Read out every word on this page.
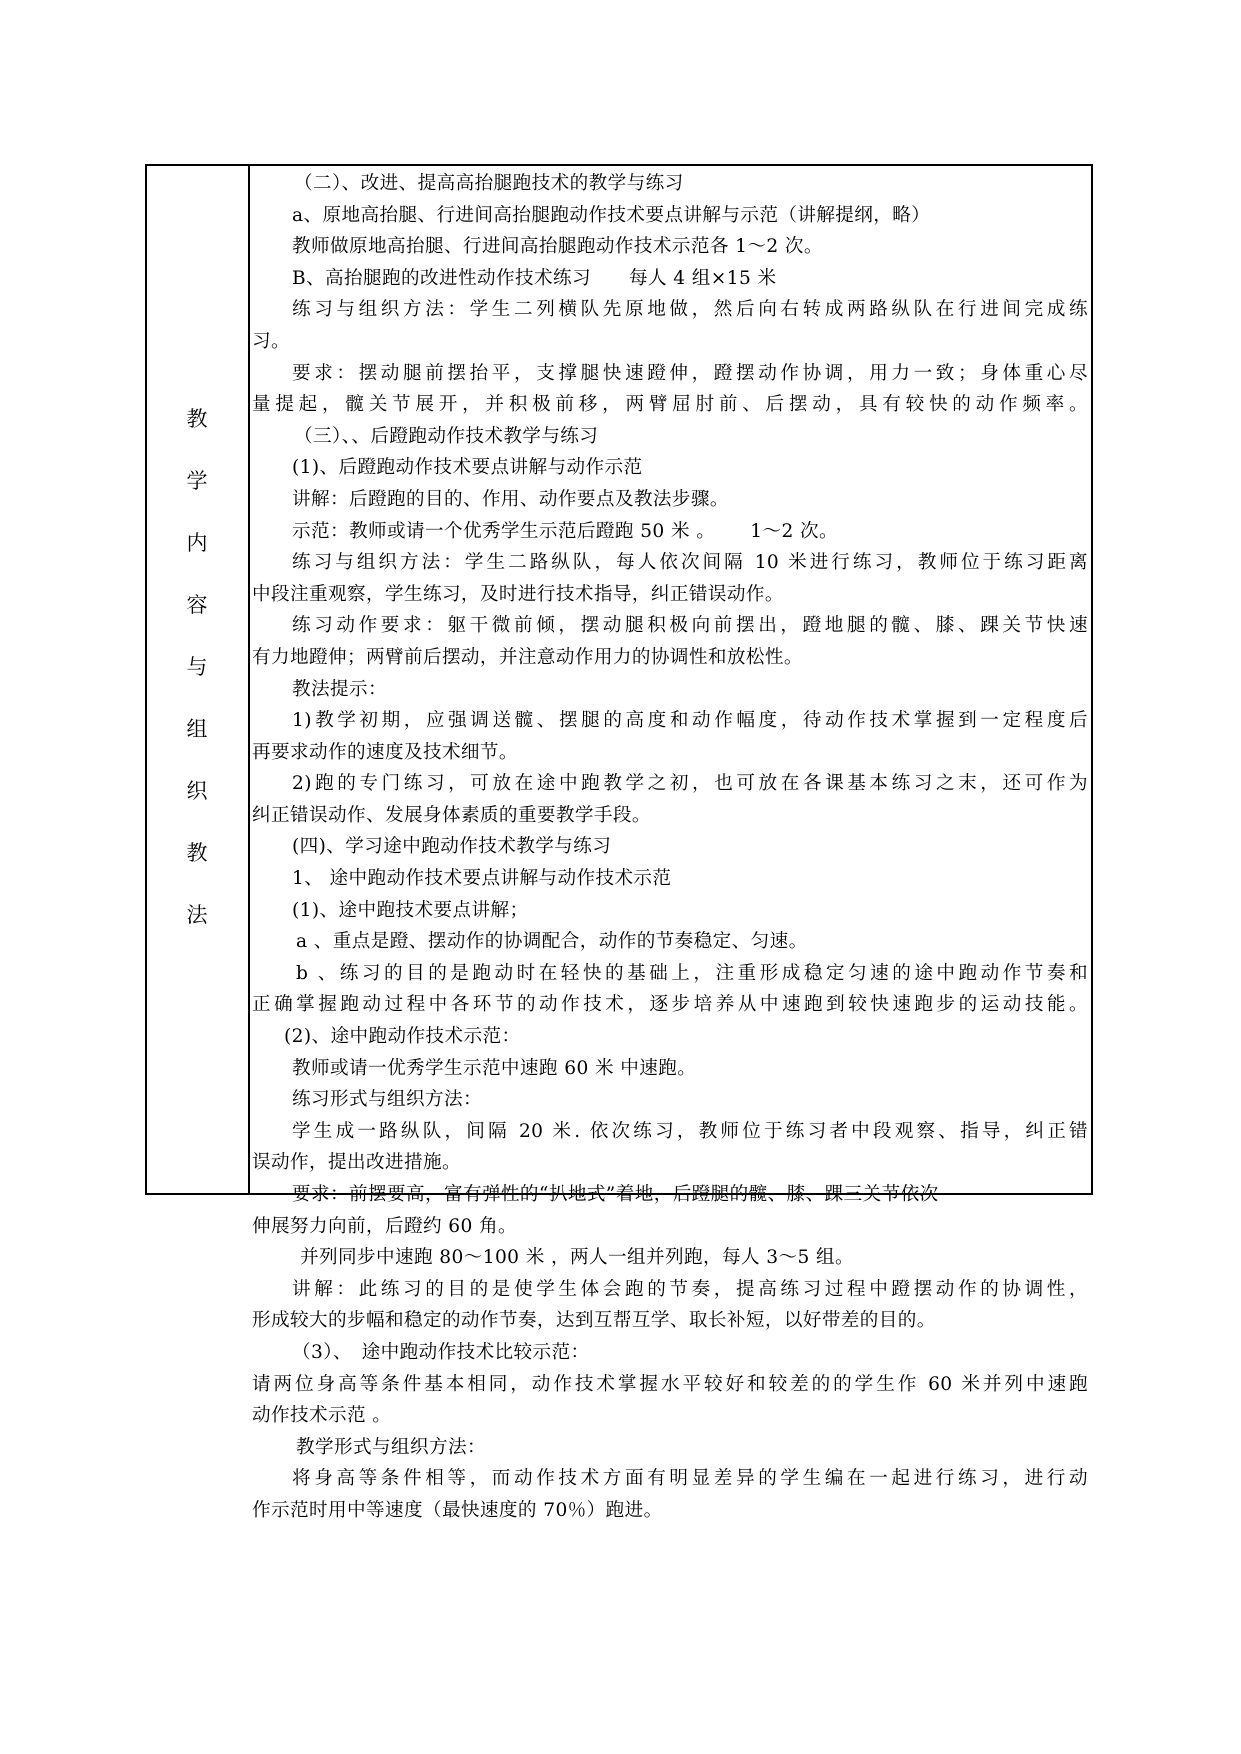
教
学
内
容
与
组
织
教
法
（二）、改进、提高高抬腿跑技术的教学与练习
a、原地高抬腿、行进间高抬腿跑动作技术要点讲解与示范（讲解提纲，略）
教师做原地高抬腿、行进间高抬腿跑动作技术示范各 1～2 次。
B、高抬腿跑的改进性动作技术练习　　每人 4 组×15 米
练习与组织方法：学生二列横队先原地做，然后向右转成两路纵队在行进间完成练
习。
要求：摆动腿前摆抬平，支撑腿快速蹬伸，蹬摆动作协调，用力一致；身体重心尽
量提起，髋关节展开，并积极前移，两臂屈肘前、后摆动，具有较快的动作频率。
（三）、、后蹬跑动作技术教学与练习
(1)、后蹬跑动作技术要点讲解与动作示范
讲解：后蹬跑的目的、作用、动作要点及教法步骤。
示范：教师或请一个优秀学生示范后蹬跑 50 米 。　　 1～2 次。
练习与组织方法：学生二路纵队，每人依次间隔 10 米进行练习，教师位于练习距离
中段注重观察，学生练习，及时进行技术指导，纠正错误动作。
练习动作要求：躯干微前倾，摆动腿积极向前摆出，蹬地腿的髋、膝、踝关节快速
有力地蹬伸；两臂前后摆动，并注意动作用力的协调性和放松性。
教法提示：
1)教学初期，应强调送髋、摆腿的高度和动作幅度，待动作技术掌握到一定程度后
再要求动作的速度及技术细节。
2)跑的专门练习，可放在途中跑教学之初，也可放在各课基本练习之末，还可作为
纠正错误动作、发展身体素质的重要教学手段。
(四)、学习途中跑动作技术教学与练习
1、 途中跑动作技术要点讲解与动作技术示范
(1)、途中跑技术要点讲解；
a 、重点是蹬、摆动作的协调配合，动作的节奏稳定、匀速。
b 、练习的目的是跑动时在轻快的基础上，注重形成稳定匀速的途中跑动作节奏和
正确掌握跑动过程中各环节的动作技术，逐步培养从中速跑到较快速跑步的运动技能。
(2)、途中跑动作技术示范：
教师或请一优秀学生示范中速跑 60 米 中速跑。
练习形式与组织方法：
学生成一路纵队，间隔 20 米. 依次练习，教师位于练习者中段观察、指导，纠正错
误动作，提出改进措施。
要求：前摆要高，富有弹性的“扒地式”着地，后蹬腿的髋、膝、踝三关节依次
伸展努力向前，后蹬约 60 角。
并列同步中速跑 80～100 米 ，两人一组并列跑，每人 3～5 组。
讲解：此练习的目的是使学生体会跑的节奏，提高练习过程中蹬摆动作的协调性，
形成较大的步幅和稳定的动作节奏，达到互帮互学、取长补短，以好带差的目的。
（3）、　途中跑动作技术比较示范：
请两位身高等条件基本相同，动作技术掌握水平较好和较差的的学生作 60 米并列中速跑
动作技术示范 。
教学形式与组织方法：
将身高等条件相等，而动作技术方面有明显差异的学生编在一起进行练习，进行动
作示范时用中等速度（最快速度的 70％）跑进。
